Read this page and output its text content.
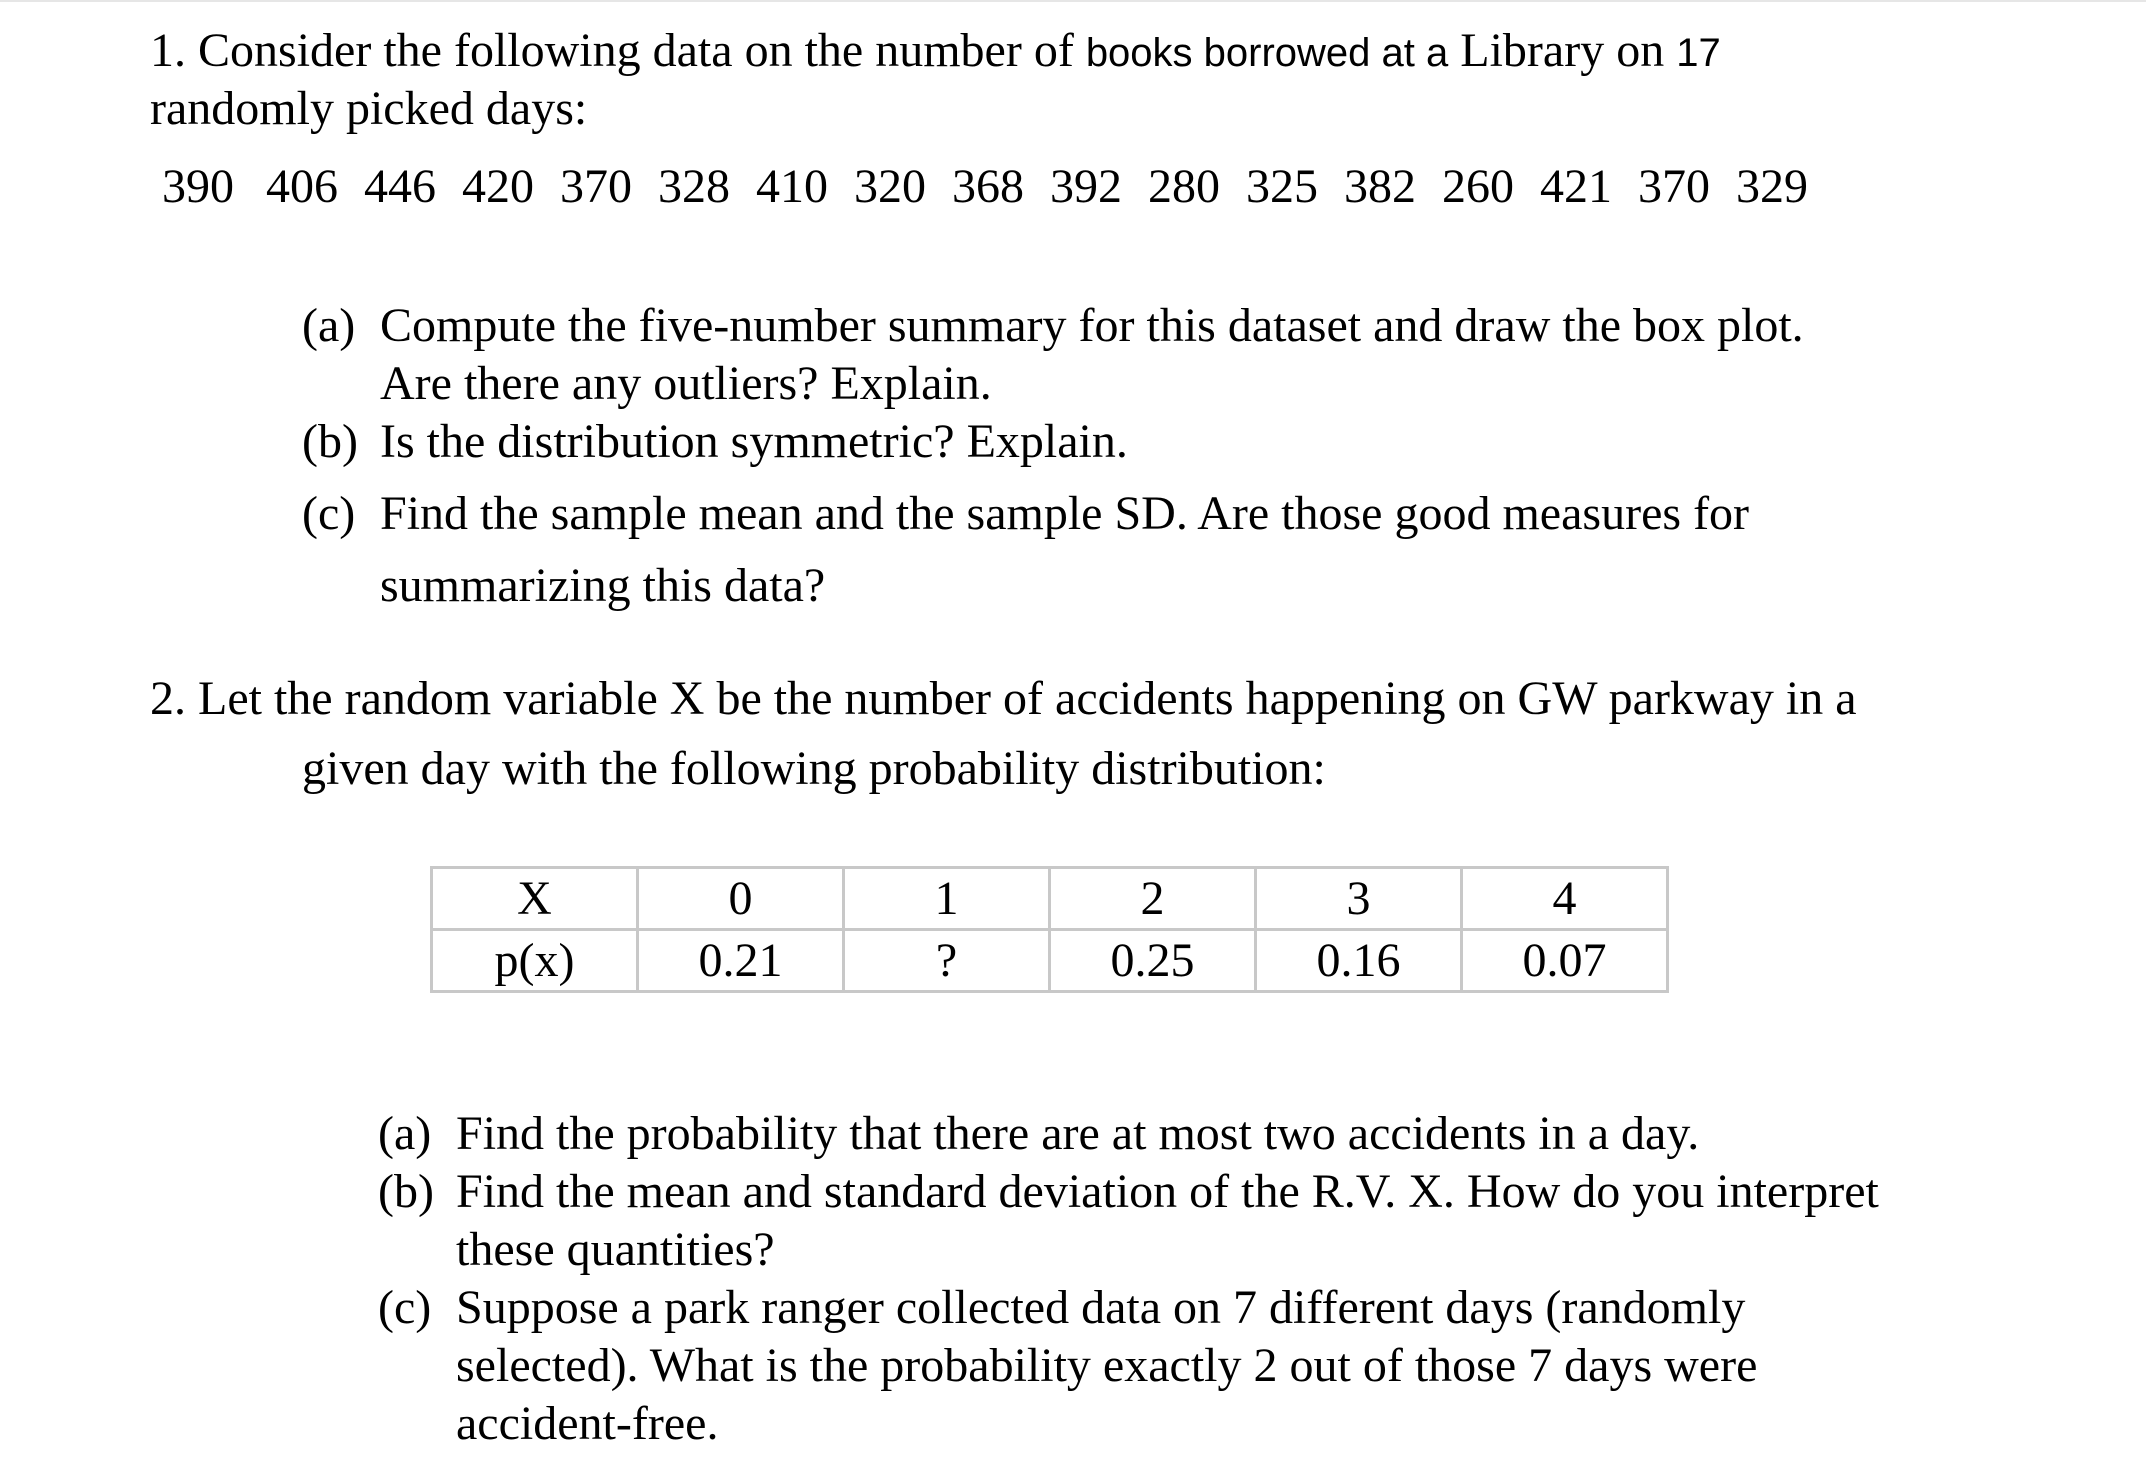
1. Consider the following data on the number of books borrowed at a Library on 17
randomly picked days:
390 406 446 420 370 328 410 320 368 392 280 325 382 260 421 370 329
(a) Compute the five-number summary for this dataset and draw the box plot.
Are there any outliers? Explain.
(b) Is the distribution symmetric? Explain.
(c) Find the sample mean and the sample SD. Are those good measures for
summarizing this data?
2. Let the random variable X be the number of accidents happening on GW parkway in a
given day with the following probability distribution:
X	0	1	2	3	4
p(x)	0.21	?	0.25	0.16	0.07
(a) Find the probability that there are at most two accidents in a day.
(b) Find the mean and standard deviation of the R.V. X. How do you interpret
these quantities?
(c) Suppose a park ranger collected data on 7 different days (randomly
selected). What is the probability exactly 2 out of those 7 days were
accident-free.
